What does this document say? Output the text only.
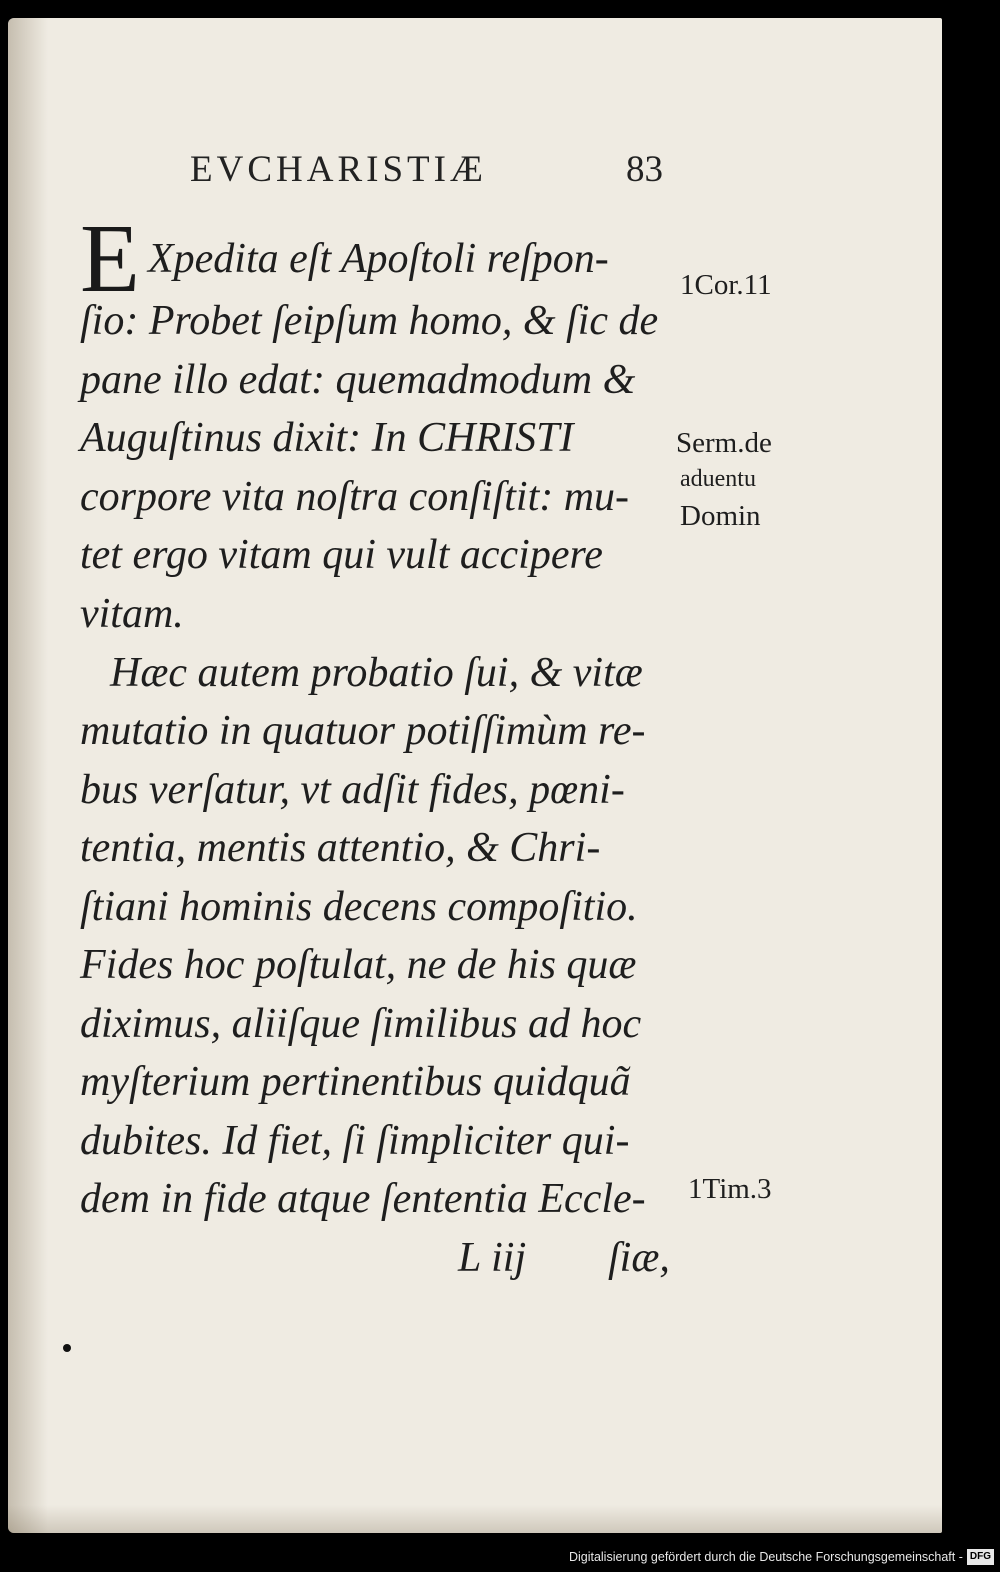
EVCHARISTIÆ	83
E Xpedita eſt Apoſtoli reſpon-
ſio: Probet ſeipſum homo, & ſic de
pane illo edat: quemadmodum &
Auguſtinus dixit: In CHRISTI
corpore vita noſtra conſiſtit: mu-
tet ergo vitam qui vult accipere
vitam.
Hæc autem probatio ſui, & vitæ
mutatio in quatuor potiſſimùm re-
bus verſatur, vt adſit fides, pœni-
tentia, mentis attentio, & Chri-
ſtiani hominis decens compoſitio.
Fides hoc poſtulat, ne de his quæ
diximus, aliiſque ſimilibus ad hoc
myſterium pertinentibus quidquã
dubites. Id fiet, ſi ſimpliciter qui-
dem in fide atque ſententia Eccle-
L iij ſiæ,
1Cor.11
Serm.de
aduentu
Domin
1Tim.3
Digitalisierung gefördert durch die Deutsche Forschungsgemeinschaft - DFG
